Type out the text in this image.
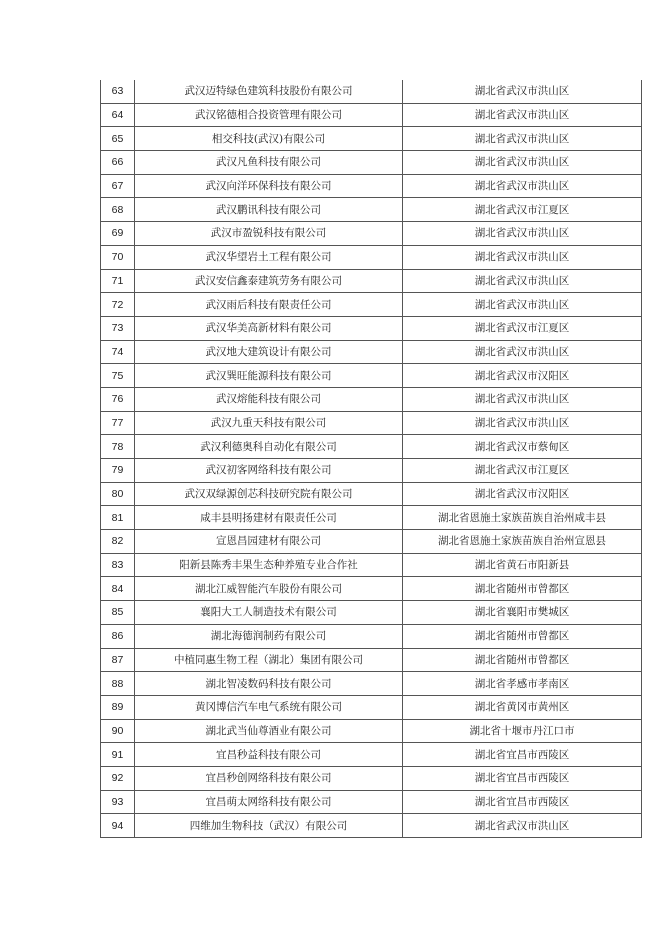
63	武汉迈特绿色建筑科技股份有限公司	湖北省武汉市洪山区
64	武汉铭德相合投资管理有限公司	湖北省武汉市洪山区
65	相交科技(武汉)有限公司	湖北省武汉市洪山区
66	武汉凡鱼科技有限公司	湖北省武汉市洪山区
67	武汉向洋环保科技有限公司	湖北省武汉市洪山区
68	武汉鹏讯科技有限公司	湖北省武汉市江夏区
69	武汉市盈锐科技有限公司	湖北省武汉市洪山区
70	武汉华望岩土工程有限公司	湖北省武汉市洪山区
71	武汉安信鑫泰建筑劳务有限公司	湖北省武汉市洪山区
72	武汉雨后科技有限责任公司	湖北省武汉市洪山区
73	武汉华美高新材料有限公司	湖北省武汉市江夏区
74	武汉地大建筑设计有限公司	湖北省武汉市洪山区
75	武汉巽旺能源科技有限公司	湖北省武汉市汉阳区
76	武汉熔能科技有限公司	湖北省武汉市洪山区
77	武汉九重天科技有限公司	湖北省武汉市洪山区
78	武汉利德奥科自动化有限公司	湖北省武汉市蔡甸区
79	武汉初客网络科技有限公司	湖北省武汉市江夏区
80	武汉双绿源创芯科技研究院有限公司	湖北省武汉市汉阳区
81	咸丰县明扬建材有限责任公司	湖北省恩施土家族苗族自治州咸丰县
82	宣恩昌园建材有限公司	湖北省恩施土家族苗族自治州宣恩县
83	阳新县陈秀丰果生态种养殖专业合作社	湖北省黄石市阳新县
84	湖北江威智能汽车股份有限公司	湖北省随州市曾都区
85	襄阳大工人制造技术有限公司	湖北省襄阳市樊城区
86	湖北海德润制药有限公司	湖北省随州市曾都区
87	中植同惠生物工程（湖北）集团有限公司	湖北省随州市曾都区
88	湖北智凌数码科技有限公司	湖北省孝感市孝南区
89	黄冈博信汽车电气系统有限公司	湖北省黄冈市黄州区
90	湖北武当仙尊酒业有限公司	湖北省十堰市丹江口市
91	宜昌秒益科技有限公司	湖北省宜昌市西陵区
92	宜昌秒创网络科技有限公司	湖北省宜昌市西陵区
93	宜昌萌太网络科技有限公司	湖北省宜昌市西陵区
94	四维加生物科技（武汉）有限公司	湖北省武汉市洪山区
